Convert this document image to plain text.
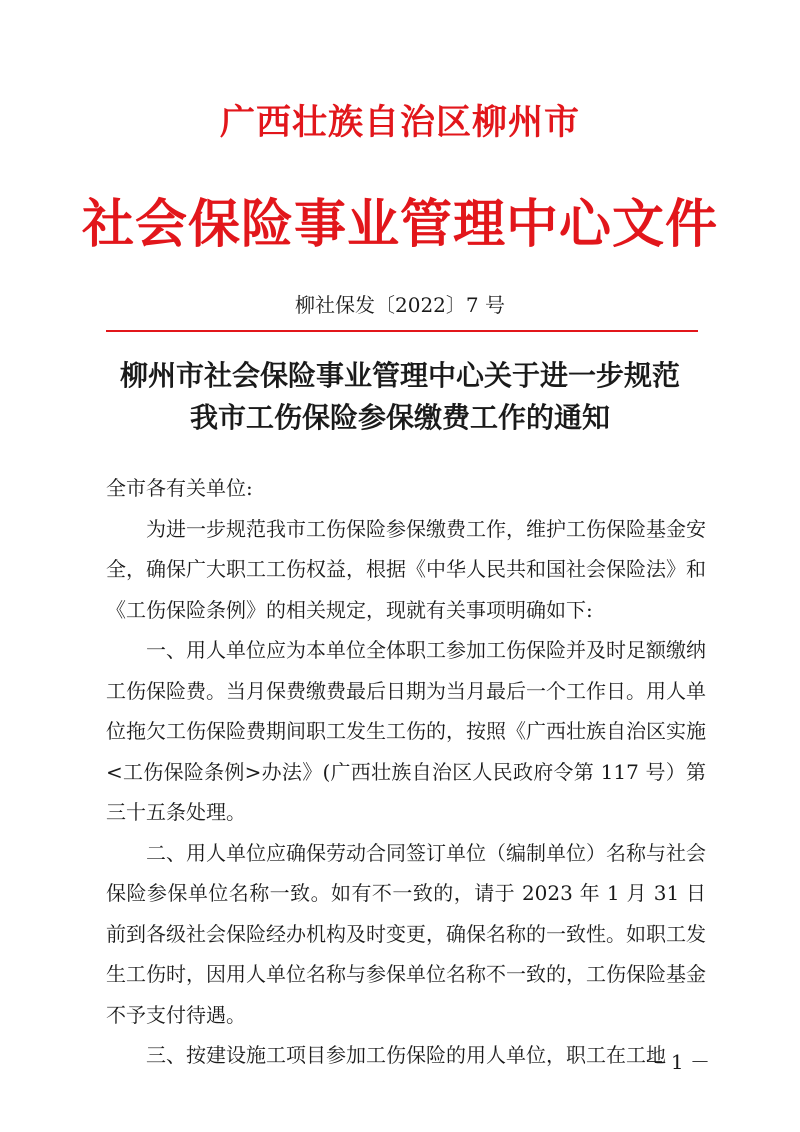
广西壮族自治区柳州市
社会保险事业管理中心文件
柳社保发〔2022〕7 号
柳州市社会保险事业管理中心关于进一步规范
我市工伤保险参保缴费工作的通知

全市各有关单位:

为进一步规范我市工伤保险参保缴费工作，维护工伤保险基金安全，确保广大职工工伤权益，根据《中华人民共和国社会保险法》和《工伤保险条例》的相关规定，现就有关事项明确如下:

一、用人单位应为本单位全体职工参加工伤保险并及时足额缴纳工伤保险费。当月保费缴费最后日期为当月最后一个工作日。用人单位拖欠工伤保险费期间职工发生工伤的，按照《广西壮族自治区实施<工伤保险条例>办法》(广西壮族自治区人民政府令第 117 号）第三十五条处理。

二、用人单位应确保劳动合同签订单位（编制单位）名称与社会保险参保单位名称一致。如有不一致的，请于 2023 年 1 月 31 日前到各级社会保险经办机构及时变更，确保名称的一致性。如职工发生工伤时，因用人单位名称与参保单位名称不一致的，工伤保险基金不予支付待遇。

三、按建设施工项目参加工伤保险的用人单位，职工在工地

－ 1 －
